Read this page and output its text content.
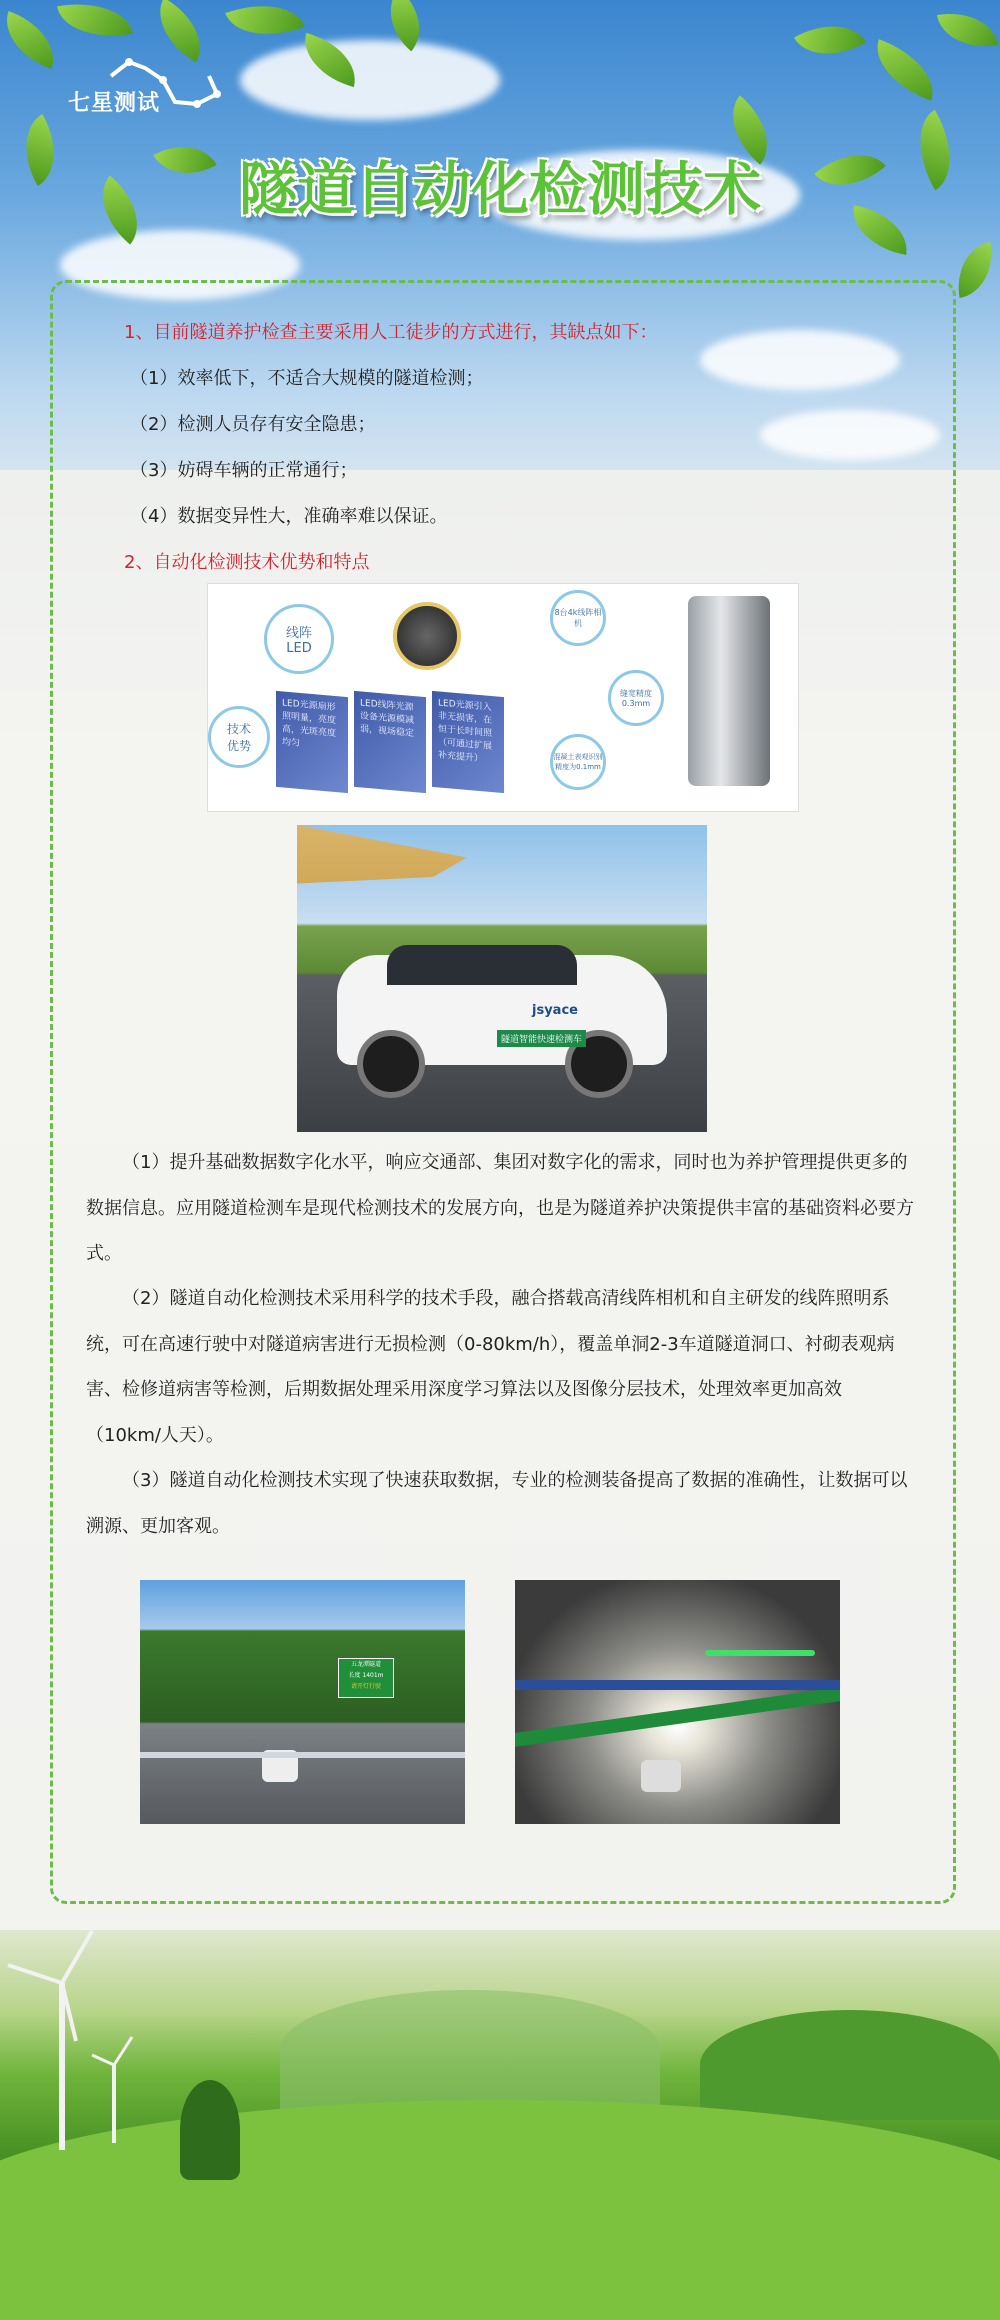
七星测试
隧道自动化检测技术
1、目前隧道养护检查主要采用人工徒步的方式进行，其缺点如下：
（1）效率低下，不适合大规模的隧道检测；
（2）检测人员存有安全隐患；
（3）妨碍车辆的正常通行；
（4）数据变异性大，准确率难以保证。
2、自动化检测技术优势和特点
线阵
LED
技术
优势
LED光源扇形照明量，亮度高，光斑亮度均匀
LED线阵光源设备光源模减弱，视场稳定
LED光源引入非无损害，在恒于长时间照（可通过扩展补充提升）
8台4k线阵相机
缝宽精度0.3mm
混凝土表观识别精度为0.1mm
jsyace
隧道智能快速检测车
（1）提升基础数据数字化水平，响应交通部、集团对数字化的需求，同时也为养护管理提供更多的数据信息。应用隧道检测车是现代检测技术的发展方向，也是为隧道养护决策提供丰富的基础资料必要方式。
（2）隧道自动化检测技术采用科学的技术手段，融合搭载高清线阵相机和自主研发的线阵照明系统，可在高速行驶中对隧道病害进行无损检测（0-80km/h），覆盖单洞2-3车道隧道洞口、衬砌表观病害、检修道病害等检测，后期数据处理采用深度学习算法以及图像分层技术，处理效率更加高效（10km/人天）。
（3）隧道自动化检测技术实现了快速获取数据，专业的检测装备提高了数据的准确性，让数据可以溯源、更加客观。
五龙潭隧道
长度 1401m
请开灯行驶
